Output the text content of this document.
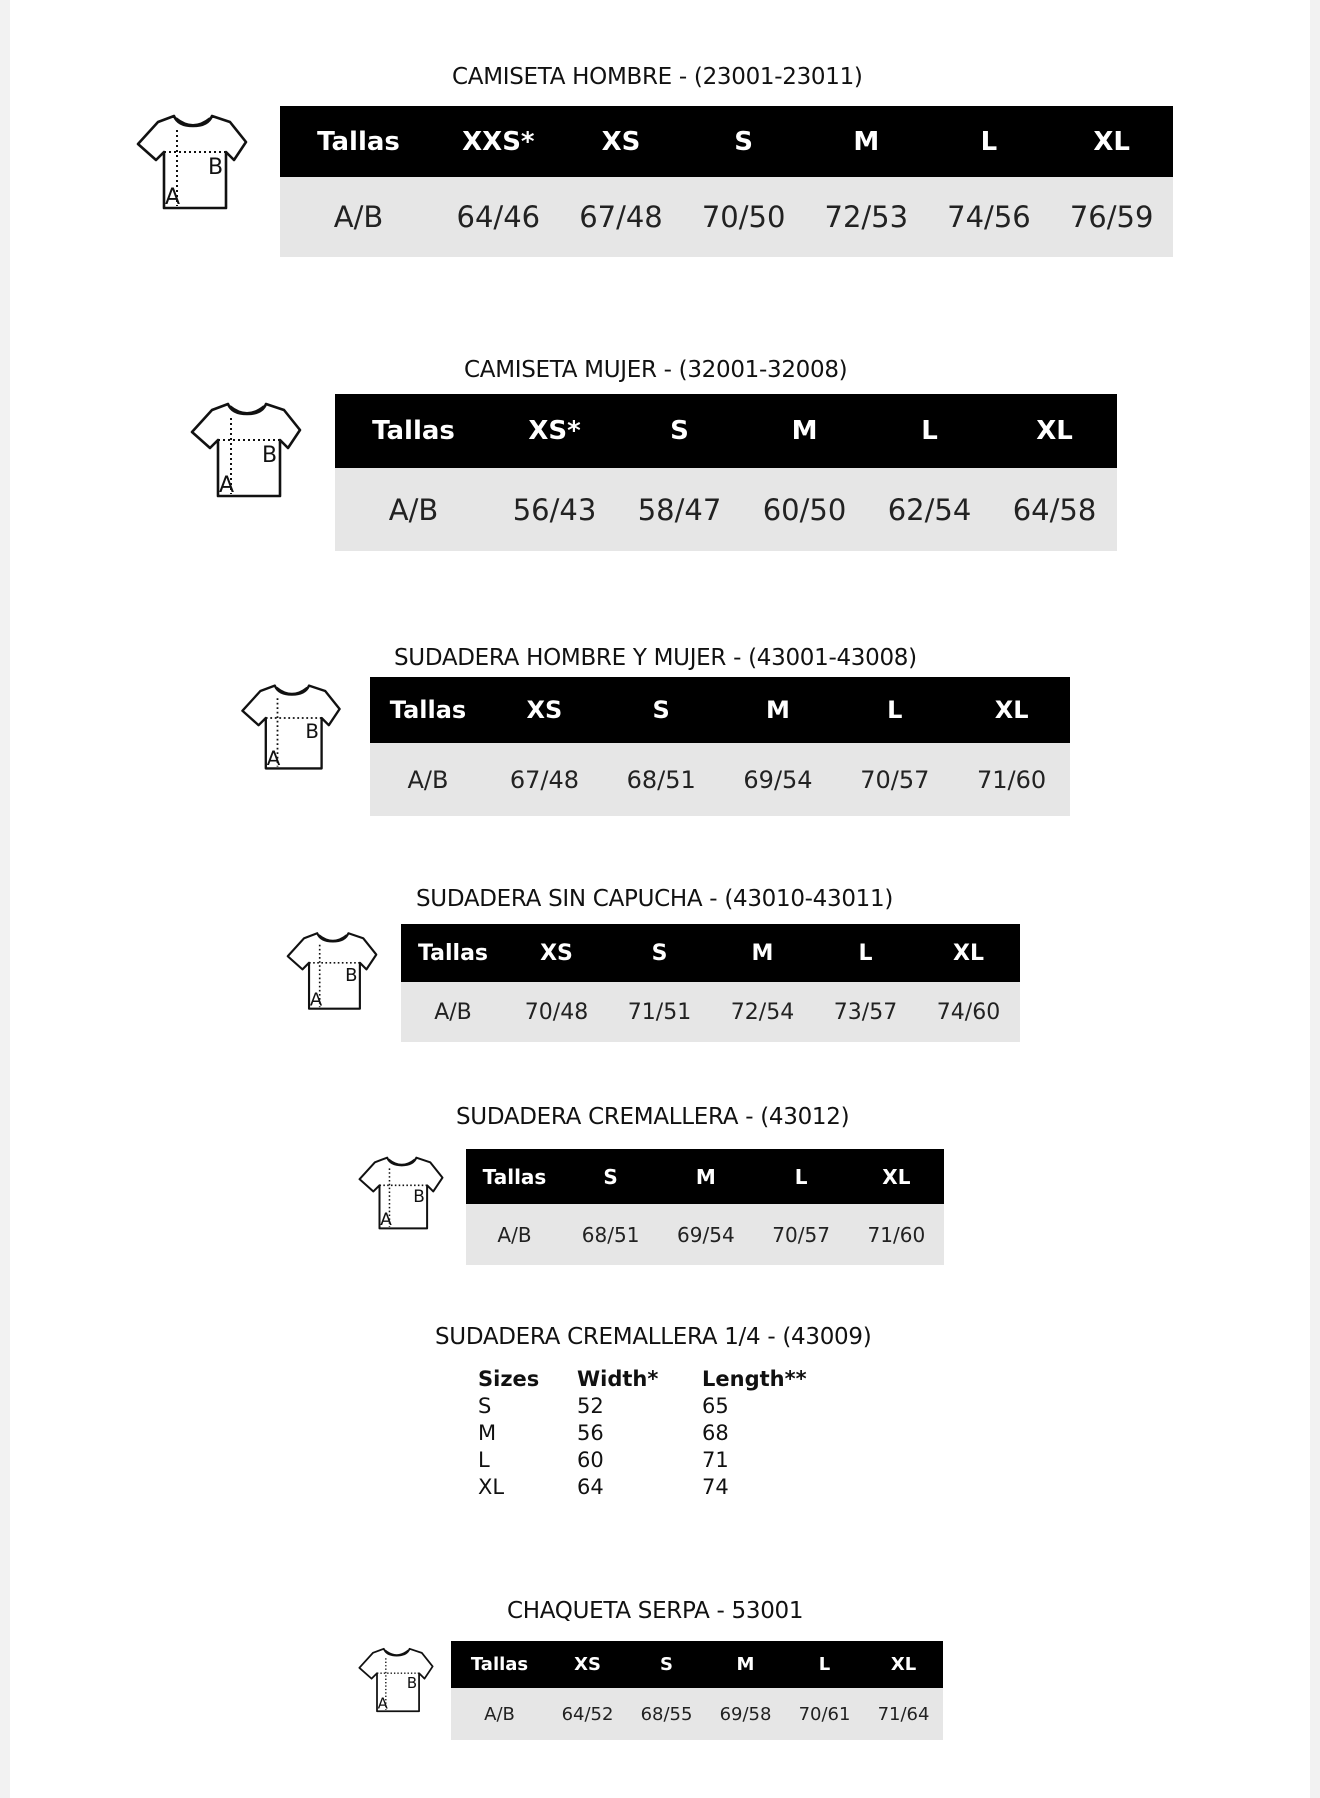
CAMISETA HOMBRE - (23001-23011)
A
B
Tallas	XXS*	XS	S	M	L	XL
A/B	64/46	67/48	70/50	72/53	74/56	76/59
CAMISETA MUJER - (32001-32008)
A
B
Tallas	XS*	S	M	L	XL
A/B	56/43	58/47	60/50	62/54	64/58
SUDADERA HOMBRE Y MUJER - (43001-43008)
A
B
Tallas	XS	S	M	L	XL
A/B	67/48	68/51	69/54	70/57	71/60
SUDADERA SIN CAPUCHA - (43010-43011)
A
B
Tallas	XS	S	M	L	XL
A/B	70/48	71/51	72/54	73/57	74/60
SUDADERA CREMALLERA - (43012)
A
B
Tallas	S	M	L	XL
A/B	68/51	69/54	70/57	71/60
SUDADERA CREMALLERA 1/4 - (43009)
Sizes	Width*	Length**
S	52	65
M	56	68
L	60	71
XL	64	74
CHAQUETA SERPA - 53001
A
B
Tallas	XS	S	M	L	XL
A/B	64/52	68/55	69/58	70/61	71/64
